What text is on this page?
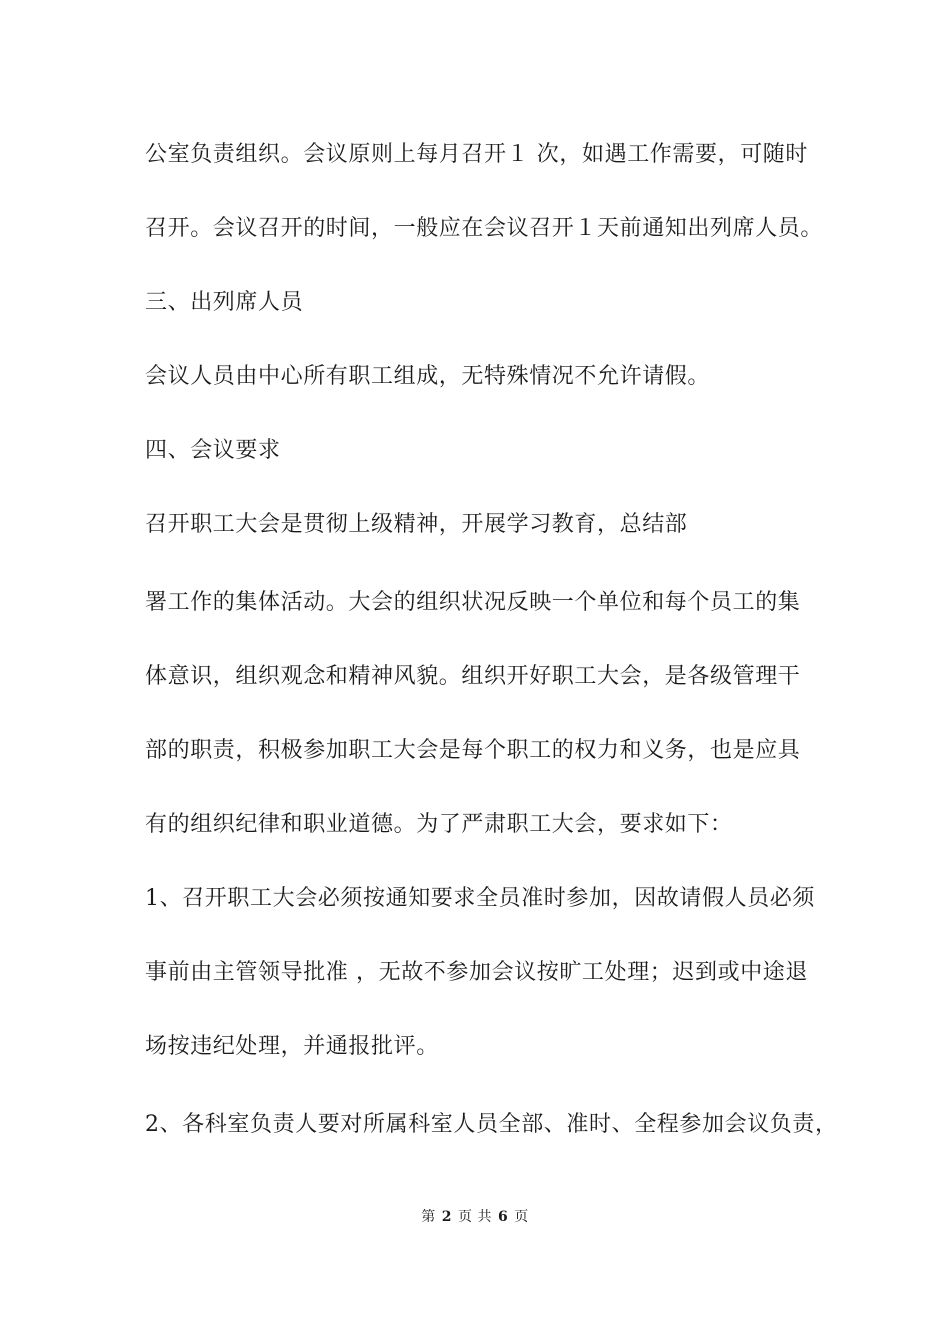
公室负责组织。会议原则上每月召开１ 次，如遇工作需要，可随时
召开。会议召开的时间，一般应在会议召开１天前通知出列席人员。
三、出列席人员
会议人员由中心所有职工组成，无特殊情况不允许请假。
四、会议要求
召开职工大会是贯彻上级精神，开展学习教育，总结部
署工作的集体活动。大会的组织状况反映一个单位和每个员工的集
体意识，组织观念和精神风貌。组织开好职工大会，是各级管理干
部的职责，积极参加职工大会是每个职工的权力和义务，也是应具
有的组织纪律和职业道德。为了严肃职工大会，要求如下：
1、召开职工大会必须按通知要求全员准时参加，因故请假人员必须
事前由主管领导批准 ，无故不参加会议按旷工处理；迟到或中途退
场按违纪处理，并通报批评。
2、各科室负责人要对所属科室人员全部、准时、全程参加会议负责，
第 2 页 共 6 页
